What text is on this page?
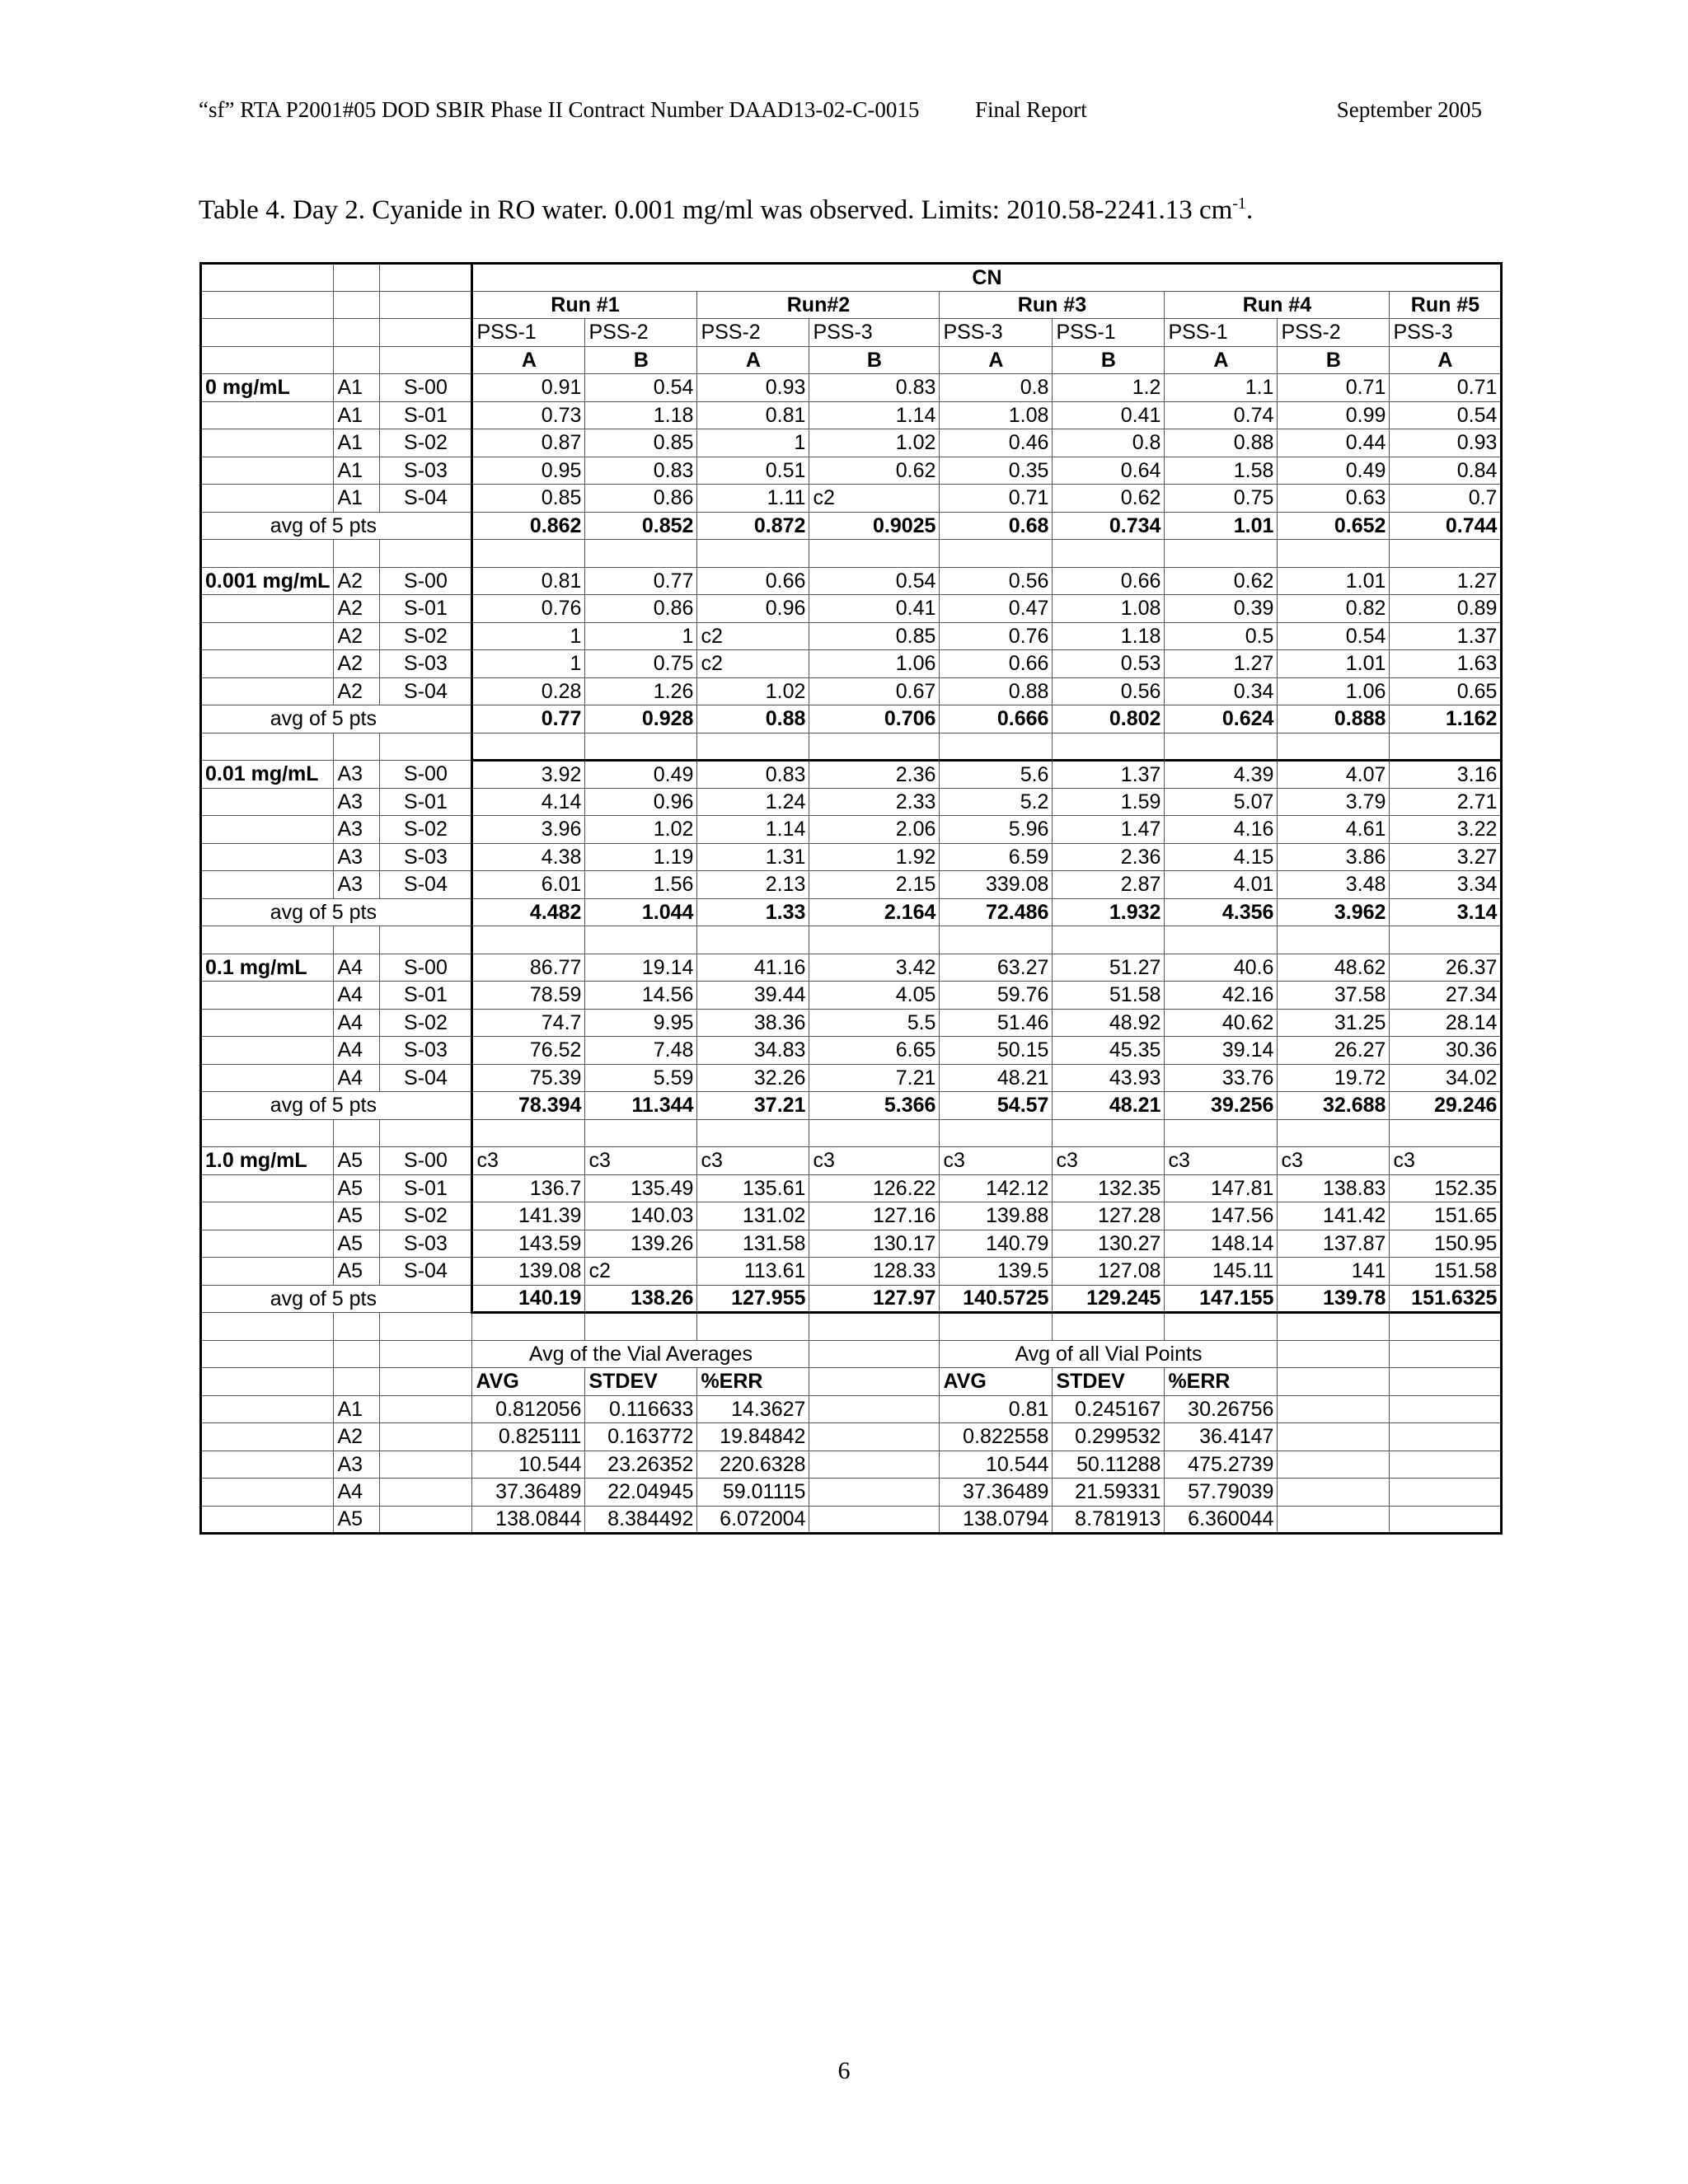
“sf” RTA P2001#05 DOD SBIR Phase II Contract Number DAAD13-02-C-0015	Final Report	September 2005
Table 4. Day 2. Cyanide in RO water. 0.001 mg/ml was observed. Limits: 2010.58-2241.13 $cm^{-1}$.
			CN								
			Run #1		Run#2		Run #3		Run #4		Run #5
			PSS-1	PSS-2	PSS-2	PSS-3	PSS-3	PSS-1	PSS-1	PSS-2	PSS-3
			A	B	A	B	A	B	A	B	A
0 mg/mL	A1	S-00	0.91	0.54	0.93	0.83	0.8	1.2	1.1	0.71	0.71
	A1	S-01	0.73	1.18	0.81	1.14	1.08	0.41	0.74	0.99	0.54
	A1	S-02	0.87	0.85	1	1.02	0.46	0.8	0.88	0.44	0.93
	A1	S-03	0.95	0.83	0.51	0.62	0.35	0.64	1.58	0.49	0.84
	A1	S-04	0.85	0.86	1.11	c2	0.71	0.62	0.75	0.63	0.7
avg of 5 pts			0.862	0.852	0.872	0.9025	0.68	0.734	1.01	0.652	0.744

0.001 mg/mL	A2	S-00	0.81	0.77	0.66	0.54	0.56	0.66	0.62	1.01	1.27
	A2	S-01	0.76	0.86	0.96	0.41	0.47	1.08	0.39	0.82	0.89
	A2	S-02	1	1	c2	0.85	0.76	1.18	0.5	0.54	1.37
	A2	S-03	1	0.75	c2	1.06	0.66	0.53	1.27	1.01	1.63
	A2	S-04	0.28	1.26	1.02	0.67	0.88	0.56	0.34	1.06	0.65
avg of 5 pts			0.77	0.928	0.88	0.706	0.666	0.802	0.624	0.888	1.162

0.01 mg/mL	A3	S-00	3.92	0.49	0.83	2.36	5.6	1.37	4.39	4.07	3.16
	A3	S-01	4.14	0.96	1.24	2.33	5.2	1.59	5.07	3.79	2.71
	A3	S-02	3.96	1.02	1.14	2.06	5.96	1.47	4.16	4.61	3.22
	A3	S-03	4.38	1.19	1.31	1.92	6.59	2.36	4.15	3.86	3.27
	A3	S-04	6.01	1.56	2.13	2.15	339.08	2.87	4.01	3.48	3.34
avg of 5 pts			4.482	1.044	1.33	2.164	72.486	1.932	4.356	3.962	3.14

0.1 mg/mL	A4	S-00	86.77	19.14	41.16	3.42	63.27	51.27	40.6	48.62	26.37
	A4	S-01	78.59	14.56	39.44	4.05	59.76	51.58	42.16	37.58	27.34
	A4	S-02	74.7	9.95	38.36	5.5	51.46	48.92	40.62	31.25	28.14
	A4	S-03	76.52	7.48	34.83	6.65	50.15	45.35	39.14	26.27	30.36
	A4	S-04	75.39	5.59	32.26	7.21	48.21	43.93	33.76	19.72	34.02
avg of 5 pts			78.394	11.344	37.21	5.366	54.57	48.21	39.256	32.688	29.246

1.0 mg/mL	A5	S-00	c3	c3	c3	c3	c3	c3	c3	c3	c3
	A5	S-01	136.7	135.49	135.61	126.22	142.12	132.35	147.81	138.83	152.35
	A5	S-02	141.39	140.03	131.02	127.16	139.88	127.28	147.56	141.42	151.65
	A5	S-03	143.59	139.26	131.58	130.17	140.79	130.27	148.14	137.87	150.95
	A5	S-04	139.08	c2	113.61	128.33	139.5	127.08	145.11	141	151.58
avg of 5 pts			140.19	138.26	127.955	127.97	140.5725	129.245	147.155	139.78	151.6325

			Avg of the Vial Averages				Avg of all Vial Points				
			AVG	STDEV	%ERR		AVG	STDEV	%ERR		
	A1		0.812056	0.116633	14.3627		0.81	0.245167	30.26756		
	A2		0.825111	0.163772	19.84842		0.822558	0.299532	36.4147		
	A3		10.544	23.26352	220.6328		10.544	50.11288	475.2739		
	A4		37.36489	22.04945	59.01115		37.36489	21.59331	57.79039		
	A5		138.0844	8.384492	6.072004		138.0794	8.781913	6.360044		
6
